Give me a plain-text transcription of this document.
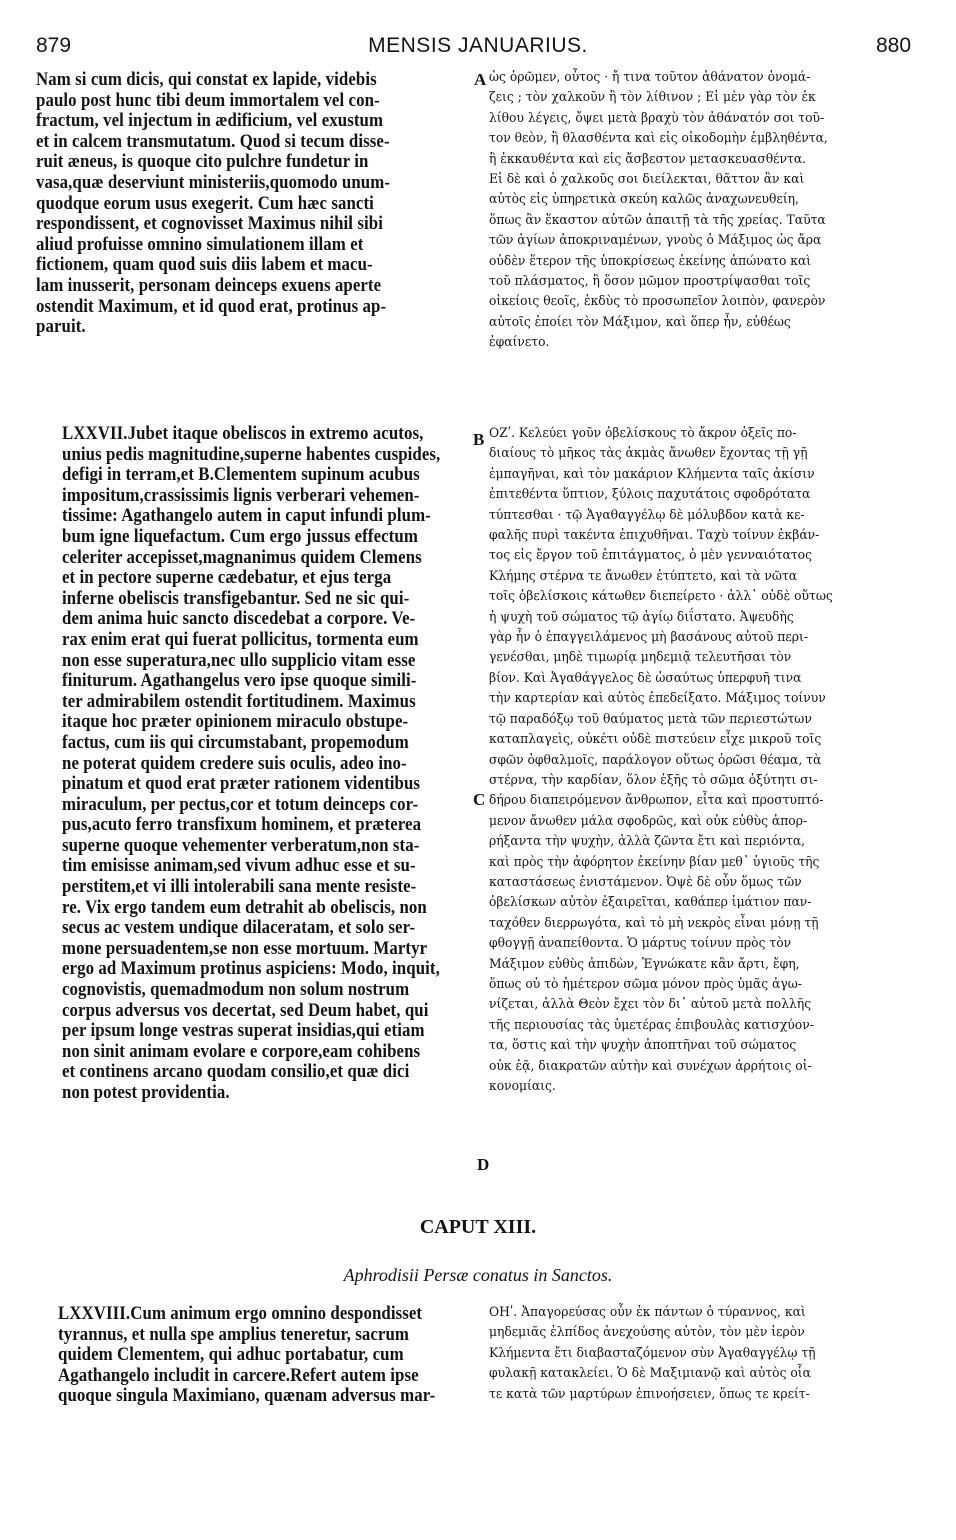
879	MENSIS JANUARIUS.	880
Nam si cum dicis, qui constat ex lapide, videbis
paulo post hunc tibi deum immortalem vel con-
fractum, vel injectum in ædificium, vel exustum
et in calcem transmutatum. Quod si tecum disse-
ruit æneus, is quoque cito pulchre fundetur in
vasa,quæ deserviunt ministeriis,quomodo unum-
quodque eorum usus exegerit. Cum hæc sancti
respondissent, et cognovisset Maximus nihil sibi
aliud profuisse omnino simulationem illam et
fictionem, quam quod suis diis labem et macu-
lam inusserit, personam deinceps exuens aperte
ostendit Maximum, et id quod erat, protinus ap-
paruit.
A ὡς ὁρῶμεν, οὗτος · ἤ τινα τοῦτον ἀθάνατον ὀνομά-
ζεις ; τὸν χαλκοῦν ἢ τὸν λίθινον ; Εἰ μὲν γὰρ τὸν ἐκ
λίθου λέγεις, ὄψει μετὰ βραχὺ τὸν ἀθάνατόν σοι τοῦ-
τον θεὸν, ἢ θλασθέντα καὶ εἰς οἰκοδομὴν ἐμβληθέντα,
ἢ ἐκκαυθέντα καὶ εἰς ἄσβεστον μετασκευασθέντα.
Εἰ δὲ καὶ ὁ χαλκοῦς σοι διείλεκται, θᾶττον ἂν καὶ
αὐτὸς εἰς ὑπηρετικὰ σκεύη καλῶς ἀναχωνευθείη,
ὅπως ἂν ἕκαστον αὐτῶν ἀπαιτῇ τὰ τῆς χρείας. Ταῦτα
τῶν ἁγίων ἀποκριναμένων, γνοὺς ὁ Μάξιμος ὡς ἄρα
οὐδὲν ἕτερον τῆς ὑποκρίσεως ἐκείνης ἀπώνατο καὶ
τοῦ πλάσματος, ἢ ὅσον μῶμον προστρίψασθαι τοῖς
οἰκείοις θεοῖς, ἐκδὺς τὸ προσωπεῖον λοιπὸν, φανερὸν
αὐτοῖς ἐποίει τὸν Μάξιμον, καὶ ὅπερ ἦν, εὐθέως
ἐφαίνετο.
LXXVII.Jubet itaque obeliscos in extremo acutos,
unius pedis magnitudine,superne habentes cuspides,
defigi in terram,et B.Clementem supinum acubus
impositum,crassissimis lignis verberari vehemen-
tissime: Agathangelo autem in caput infundi plum-
bum igne liquefactum. Cum ergo jussus effectum
celeriter accepisset,magnanimus quidem Clemens
et in pectore superne cædebatur, et ejus terga
inferne obeliscis transfigebantur. Sed ne sic qui-
dem anima huic sancto discedebat a corpore. Ve-
rax enim erat qui fuerat pollicitus, tormenta eum
non esse superatura,nec ullo supplicio vitam esse
finiturum. Agathangelus vero ipse quoque simili-
ter admirabilem ostendit fortitudinem. Maximus
itaque hoc præter opinionem miraculo obstupe-
factus, cum iis qui circumstabant, propemodum
ne poterat quidem credere suis oculis, adeo ino-
pinatum et quod erat præter rationem videntibus
miraculum, per pectus,cor et totum deinceps cor-
pus,acuto ferro transfixum hominem, et præterea
superne quoque vehementer verberatum,non sta-
tim emisisse animam,sed vivum adhuc esse et su-
perstitem,et vi illi intolerabili sana mente resiste-
re. Vix ergo tandem eum detrahit ab obeliscis, non
secus ac vestem undique dilaceratam, et solo ser-
mone persuadentem,se non esse mortuum. Martyr
ergo ad Maximum protinus aspiciens: Modo, inquit,
cognovistis, quemadmodum non solum nostrum
corpus adversus vos decertat, sed Deum habet, qui
per ipsum longe vestras superat insidias,qui etiam
non sinit animam evolare e corpore,eam cohibens
et continens arcano quodam consilio,et quæ dici
non potest providentia.
B
C
D
ΟΖʹ. Κελεύει γοῦν ὀβελίσκους τὸ ἄκρον ὀξεῖς πο-
διαίους τὸ μῆκος τὰς ἀκμὰς ἄνωθεν ἔχοντας τῇ γῇ
ἐμπαγῆναι, καὶ τὸν μακάριον Κλήμεντα ταῖς ἀκίσιν
ἐπιτεθέντα ὕπτιον, ξύλοις παχυτάτοις σφοδρότατα
τύπτεσθαι · τῷ Ἀγαθαγγέλῳ δὲ μόλυβδον κατὰ κε-
φαλῆς πυρὶ τακέντα ἐπιχυθῆναι. Ταχὺ τοίνυν ἐκβάν-
τος εἰς ἔργον τοῦ ἐπιτάγματος, ὁ μὲν γενναιότατος
Κλήμης στέρνα τε ἄνωθεν ἐτύπτετο, καὶ τὰ νῶτα
τοῖς ὀβελίσκοις κάτωθεν διεπείρετο · ἀλλ᾽ οὐδὲ οὕτως
ἡ ψυχὴ τοῦ σώματος τῷ ἁγίῳ διΐστατο. Ἀψευδὴς
γὰρ ἦν ὁ ἐπαγγειλάμενος μὴ βασάνους αὐτοῦ περι-
γενέσθαι, μηδὲ τιμωρίᾳ μηδεμιᾷ τελευτῆσαι τὸν
βίον. Καὶ Ἀγαθάγγελος δὲ ὡσαύτως ὑπερφυῆ τινα
τὴν καρτερίαν καὶ αὐτὸς ἐπεδείξατο. Μάξιμος τοίνυν
τῷ παραδόξῳ τοῦ θαύματος μετὰ τῶν περιεστώτων
καταπλαγεὶς, οὐκέτι οὐδὲ πιστεύειν εἶχε μικροῦ τοῖς
σφῶν ὀφθαλμοῖς, παράλογον οὕτως ὁρῶσι θέαμα, τὰ
στέρνα, τὴν καρδίαν, ὅλον ἑξῆς τὸ σῶμα ὀξύτητι σι-
δήρου διαπειρόμενον ἄνθρωπον, εἶτα καὶ προστυπτό-
μενον ἄνωθεν μάλα σφοδρῶς, καὶ οὐκ εὐθὺς ἀπορ-
ρήξαντα τὴν ψυχὴν, ἀλλὰ ζῶντα ἔτι καὶ περιόντα,
καὶ πρὸς τὴν ἀφόρητον ἐκείνην βίαν μεθ᾽ ὑγιοῦς τῆς
καταστάσεως ἐνιστάμενον. Ὀψὲ δὲ οὖν ὅμως τῶν
ὀβελίσκων αὐτὸν ἐξαιρεῖται, καθάπερ ἱμάτιον παν-
ταχόθεν διερρωγότα, καὶ τὸ μὴ νεκρὸς εἶναι μόνῃ τῇ
φθογγῇ ἀναπείθοντα. Ὁ μάρτυς τοίνυν πρὸς τὸν
Μάξιμον εὐθὺς ἀπιδὼν, Ἐγνώκατε κἂν ἄρτι, ἔφη,
ὅπως οὐ τὸ ἡμέτερον σῶμα μόνον πρὸς ὑμᾶς ἀγω-
νίζεται, ἀλλὰ Θεὸν ἔχει τὸν δι᾽ αὐτοῦ μετὰ πολλῆς
τῆς περιουσίας τὰς ὑμετέρας ἐπιβουλὰς κατισχύον-
τα, ὅστις καὶ τὴν ψυχὴν ἀποπτῆναι τοῦ σώματος
οὐκ ἐᾷ, διακρατῶν αὐτὴν καὶ συνέχων ἀρρήτοις οἰ-
κονομίαις.
CAPUT XIII.
Aphrodisii Persæ conatus in Sanctos.
LXXVIII.Cum animum ergo omnino despondisset
tyrannus, et nulla spe amplius teneretur, sacrum
quidem Clementem, qui adhuc portabatur, cum
Agathangelo includit in carcere.Refert autem ipse
quoque singula Maximiano, quænam adversus mar-
ΟΗʹ. Ἀπαγορεύσας οὖν ἐκ πάντων ὁ τύραννος, καὶ
μηδεμιᾶς ἐλπίδος ἀνεχούσης αὐτὸν, τὸν μὲν ἱερὸν
Κλήμεντα ἔτι διαβασταζόμενον σὺν Ἀγαθαγγέλῳ τῇ
φυλακῇ κατακλείει. Ὁ δὲ Μαξιμιανῷ καὶ αὐτὸς οἷα
τε κατὰ τῶν μαρτύρων ἐπινοήσειεν, ὅπως τε κρείτ-
